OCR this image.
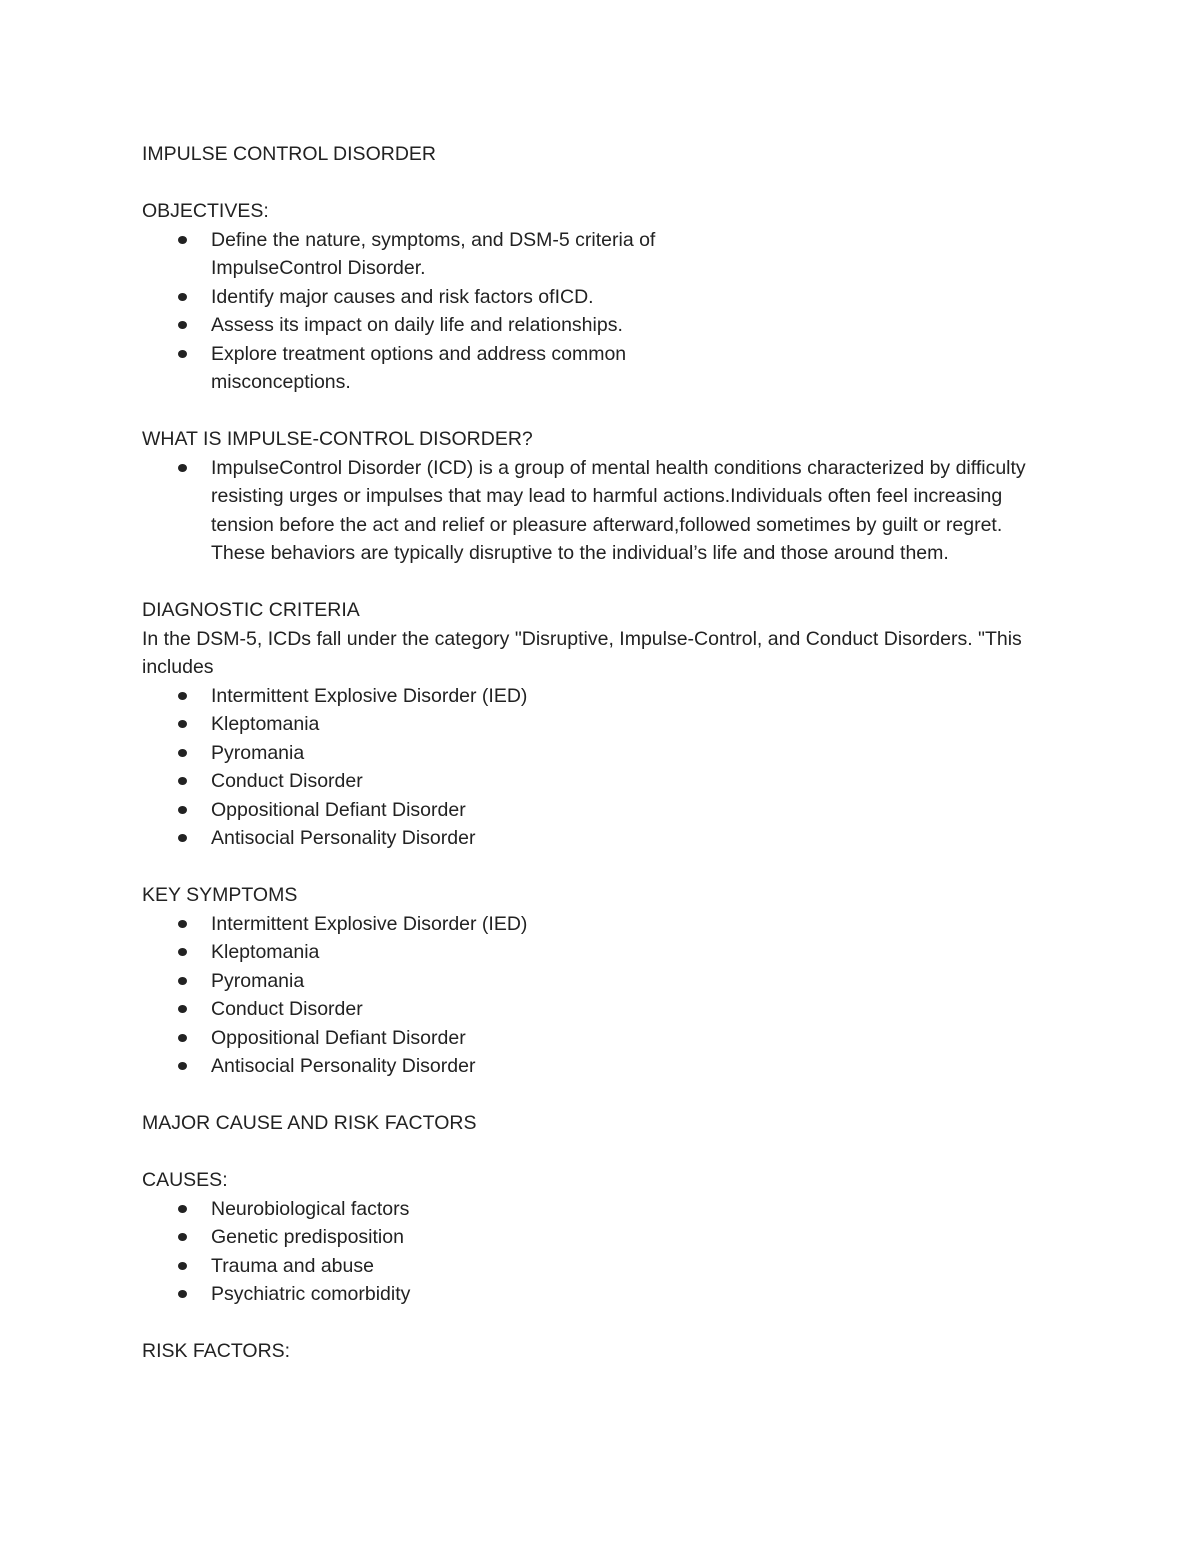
IMPULSE CONTROL DISORDER
OBJECTIVES:
Define the nature, symptoms, and DSM-5 criteria of ImpulseControl Disorder.
Identify major causes and risk factors ofICD.
Assess its impact on daily life and relationships.
Explore treatment options and address common misconceptions.
WHAT IS IMPULSE-CONTROL DISORDER?
ImpulseControl Disorder (ICD) is a group of mental health conditions characterized by difficulty resisting urges or impulses that may lead to harmful actions.Individuals often feel increasing tension before the act and relief or pleasure afterward,followed sometimes by guilt or regret. These behaviors are typically disruptive to the individual’s life and those around them.
DIAGNOSTIC CRITERIA
In the DSM-5, ICDs fall under the category "Disruptive, Impulse-Control, and Conduct Disorders. "This includes
Intermittent Explosive Disorder (IED)
Kleptomania
Pyromania
Conduct Disorder
Oppositional Defiant Disorder
Antisocial Personality Disorder
KEY SYMPTOMS
Intermittent Explosive Disorder (IED)
Kleptomania
Pyromania
Conduct Disorder
Oppositional Defiant Disorder
Antisocial Personality Disorder
MAJOR CAUSE AND RISK FACTORS
CAUSES:
Neurobiological factors
Genetic predisposition
Trauma and abuse
Psychiatric comorbidity
RISK FACTORS:
